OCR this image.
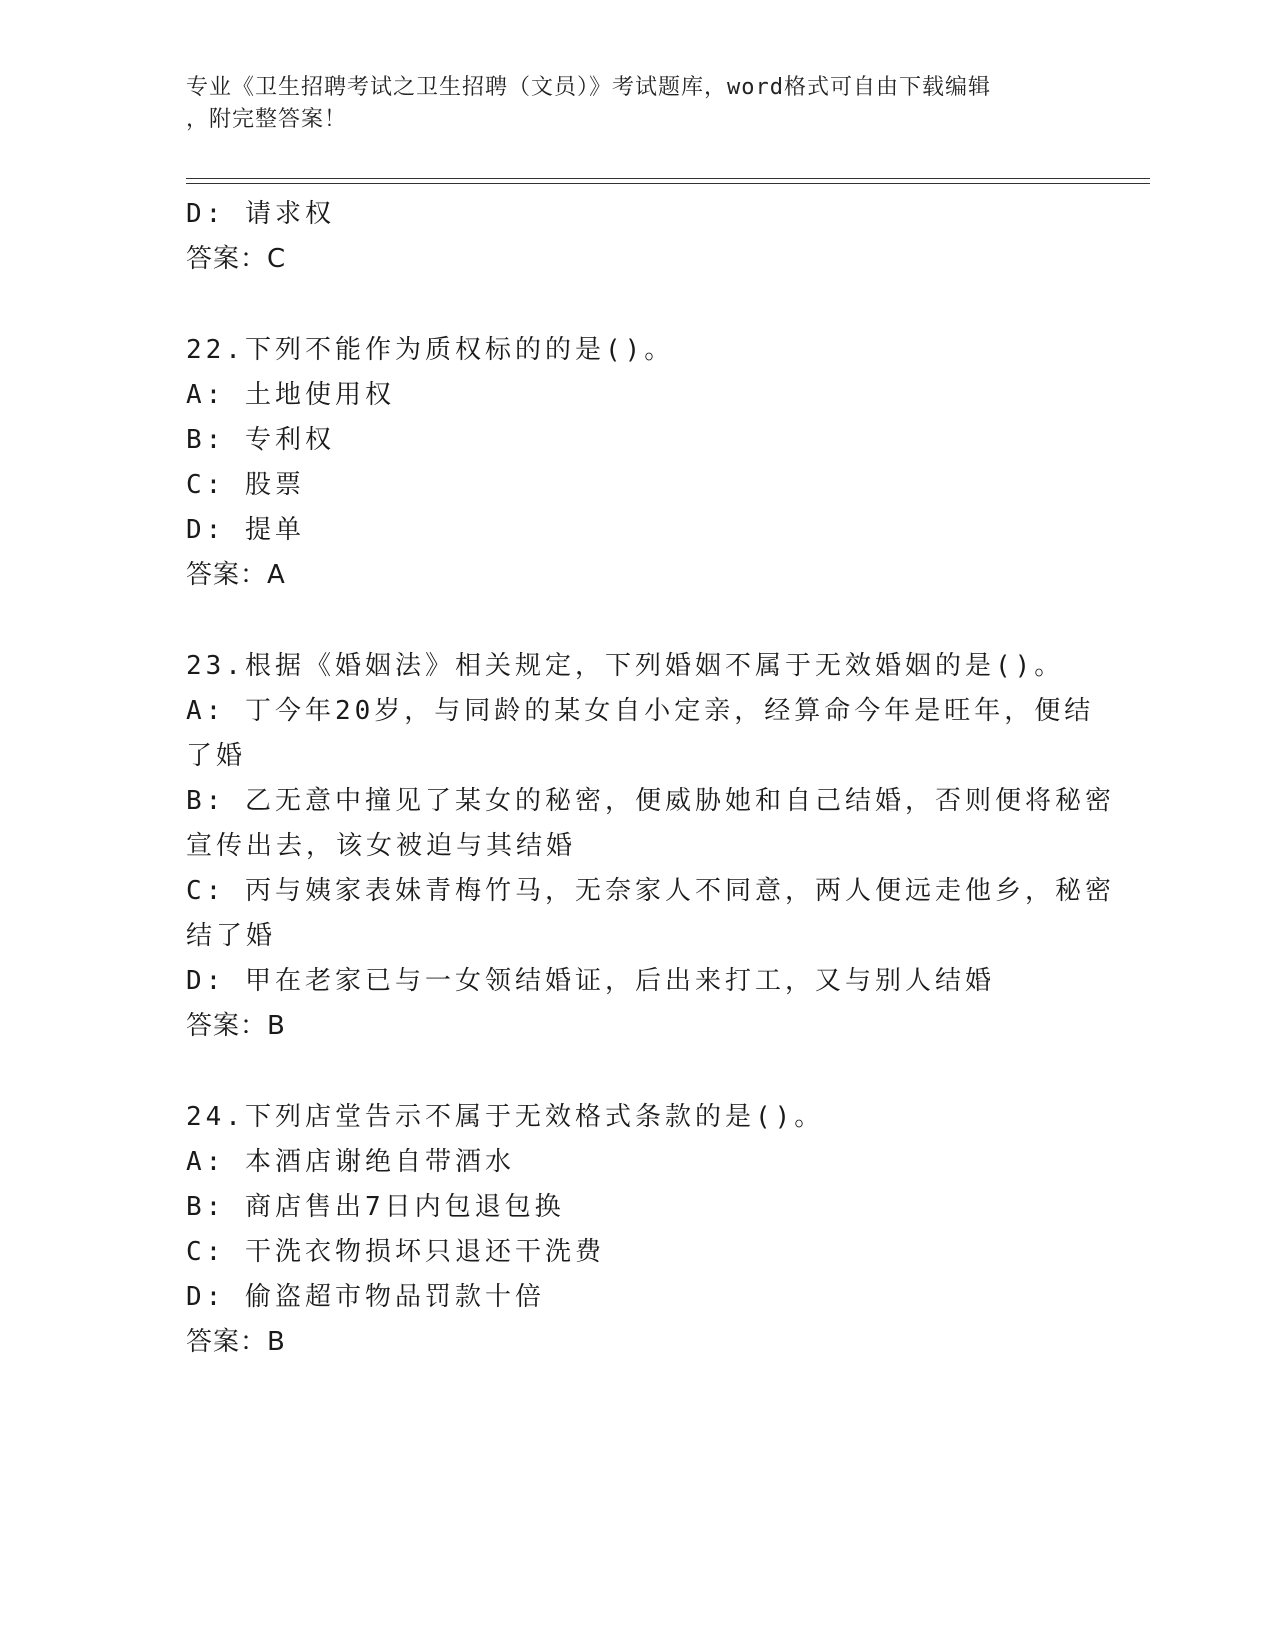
专业《卫生招聘考试之卫生招聘（文员）》考试题库，word格式可自由下载编辑
，附完整答案！
D: 请求权
答案：C
22.下列不能作为质权标的的是()。
A: 土地使用权
B: 专利权
C: 股票
D: 提单
答案：A
23.根据《婚姻法》相关规定，下列婚姻不属于无效婚姻的是()。
A: 丁今年20岁，与同龄的某女自小定亲，经算命今年是旺年，便结
了婚
B: 乙无意中撞见了某女的秘密，便威胁她和自己结婚，否则便将秘密
宣传出去，该女被迫与其结婚
C: 丙与姨家表妹青梅竹马，无奈家人不同意，两人便远走他乡，秘密
结了婚
D: 甲在老家已与一女领结婚证，后出来打工，又与别人结婚
答案：B
24.下列店堂告示不属于无效格式条款的是()。
A: 本酒店谢绝自带酒水
B: 商店售出7日内包退包换
C: 干洗衣物损坏只退还干洗费
D: 偷盗超市物品罚款十倍
答案：B
